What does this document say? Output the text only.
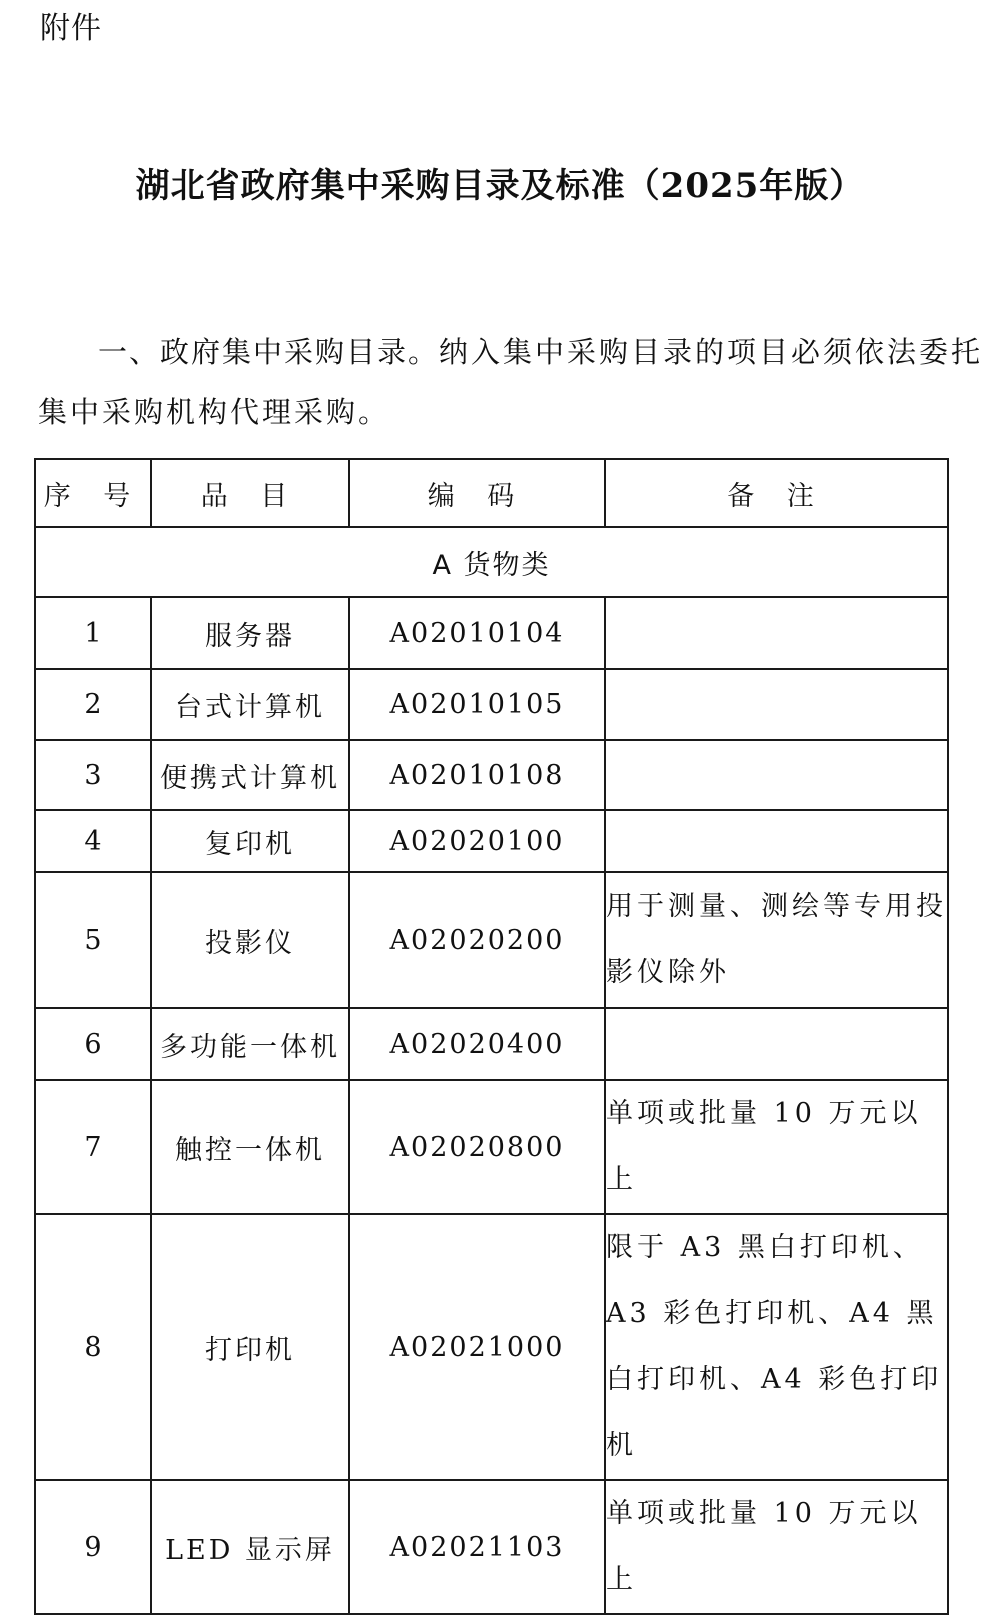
附件
湖北省政府集中采购目录及标准（2025年版）
一、政府集中采购目录。纳入集中采购目录的项目必须依法委托集中采购机构代理采购。
序 号	品 目	编 码	备 注
A 货物类			
1	服务器	A02010104	
2	台式计算机	A02010105	
3	便携式计算机	A02010108	
4	复印机	A02020100	
5	投影仪	A02020200	用于测量、测绘等专用投影仪除外
6	多功能一体机	A02020400	
7	触控一体机	A02020800	单项或批量 10 万元以上
8	打印机	A02021000	限于 A3 黑白打印机、A3 彩色打印机、A4 黑白打印机、A4 彩色打印机
9	LED 显示屏	A02021103	单项或批量 10 万元以上
